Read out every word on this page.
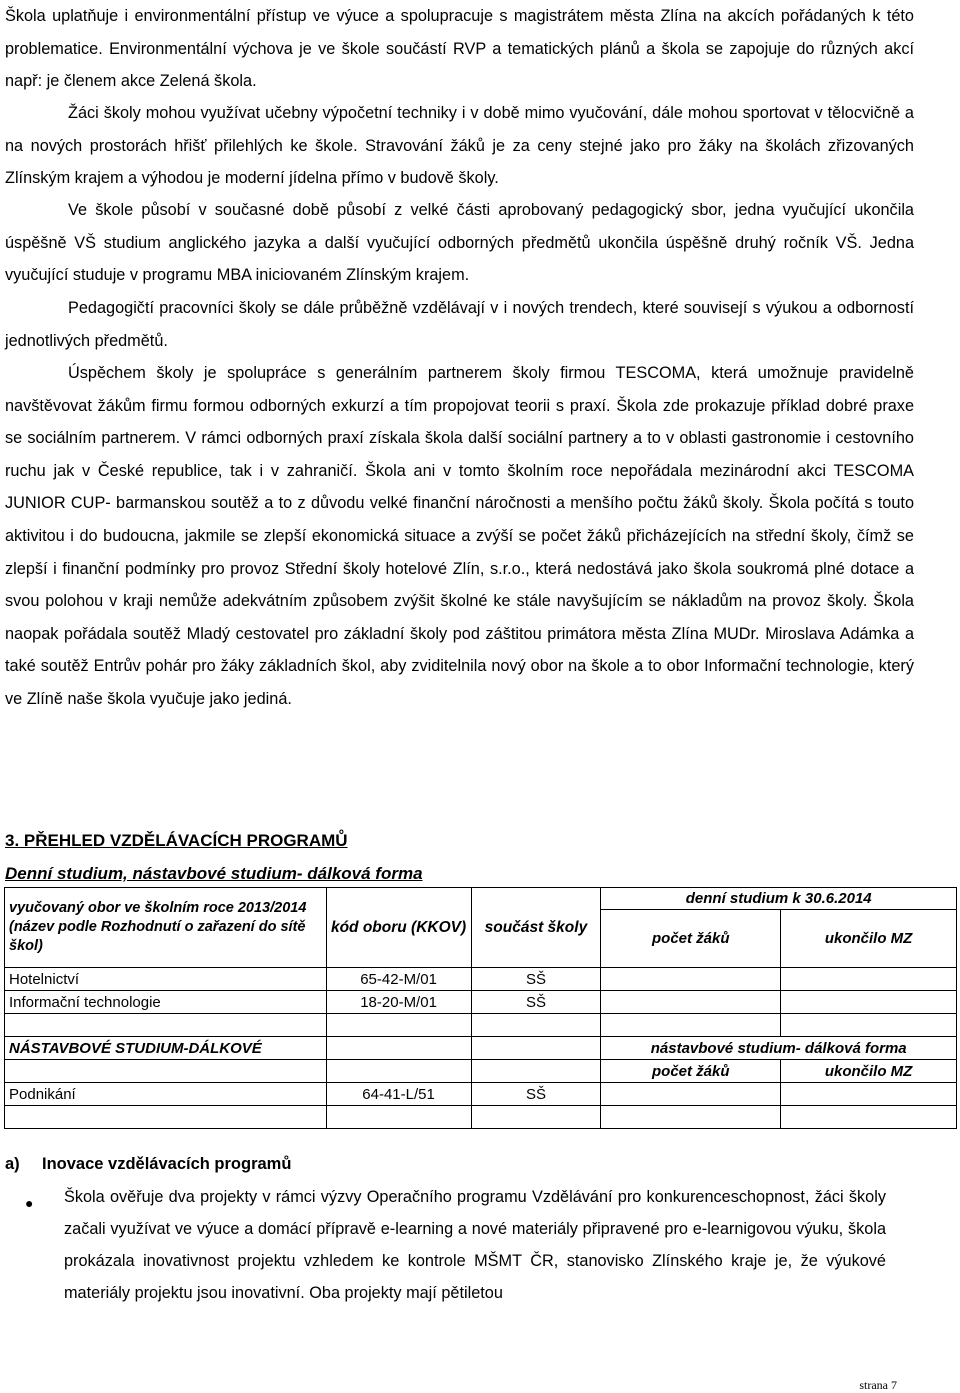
Škola uplatňuje i environmentální přístup ve výuce a spolupracuje s magistrátem města Zlína na akcích pořádaných k této problematice. Environmentální výchova je ve škole součástí RVP a tematických plánů a škola se zapojuje do různých akcí např: je členem akce Zelená škola.

Žáci školy mohou využívat učebny výpočetní techniky i v době mimo vyučování, dále mohou sportovat v tělocvičně a na nových prostorách hřišť přilehlých ke škole. Stravování žáků je za ceny stejné jako pro žáky na školách zřizovaných Zlínským krajem a výhodou je moderní jídelna přímo v budově školy.

Ve škole působí v současné době působí z velké části aprobovaný pedagogický sbor, jedna vyučující ukončila úspěšně VŠ studium anglického jazyka a další vyučující odborných předmětů ukončila úspěšně druhý ročník VŠ. Jedna vyučující studuje v programu MBA iniciovaném Zlínským krajem.

Pedagogičtí pracovníci školy se dále průběžně vzdělávají v i nových trendech, které souvisejí s výukou a odborností jednotlivých předmětů.

Úspěchem školy je spolupráce s generálním partnerem školy firmou TESCOMA, která umožnuje pravidelně navštěvovat žákům firmu formou odborných exkurzí a tím propojovat teorii s praxí. Škola zde prokazuje příklad dobré praxe se sociálním partnerem. V rámci odborných praxí získala škola další sociální partnery a to v oblasti gastronomie i cestovního ruchu jak v České republice, tak i v zahraničí. Škola ani v tomto školním roce nepořádala mezinárodní akci TESCOMA JUNIOR CUP- barmanskou soutěž a to z důvodu velké finanční náročnosti a menšího počtu žáků školy. Škola počítá s touto aktivitou i do budoucna, jakmile se zlepší ekonomická situace a zvýší se počet žáků přicházejících na střední školy, čímž se zlepší i finanční podmínky pro provoz Střední školy hotelové Zlín, s.r.o., která nedostává jako škola soukromá plné dotace a svou polohou v kraji nemůže adekvátním způsobem zvýšit školné ke stále navyšujícím se nákladům na provoz školy. Škola naopak pořádala soutěž Mladý cestovatel pro základní školy pod záštitou primátora města Zlína MUDr. Miroslava Adámka a také soutěž Entrův pohár pro žáky základních škol, aby zviditelnila nový obor na škole a to obor Informační technologie, který ve Zlíně naše škola vyučuje jako jediná.

3. PŘEHLED VZDĚLÁVACÍCH PROGRAMŮ

Denní studium, nástavbové studium- dálková forma

vyučovaný obor ve školním roce 2013/2014 (název podle Rozhodnutí o zařazení do sítě škol)	kód oboru (KKOV)	součást školy	denní studium k 30.6.2014	
			počet žáků	ukončilo MZ
Hotelnictví	65-42-M/01	SŠ		
Informační technologie	18-20-M/01	SŠ		

NÁSTAVBOVÉ STUDIUM-DÁLKOVÉ			nástavbové studium- dálková forma	
			počet žáků	ukončilo MZ
Podnikání	64-41-L/51	SŠ		

a) Inovace vzdělávacích programů

● Škola ověřuje dva projekty v rámci výzvy Operačního programu Vzdělávání pro konkurenceschopnost, žáci školy začali využívat ve výuce a domácí přípravě e-learning a nové materiály připravené pro e-learnigovou výuku, škola prokázala inovativnost projektu vzhledem ke kontrole MŠMT ČR, stanovisko Zlínského kraje je, že výukové materiály projektu jsou inovativní. Oba projekty mají pětiletou

strana 7
